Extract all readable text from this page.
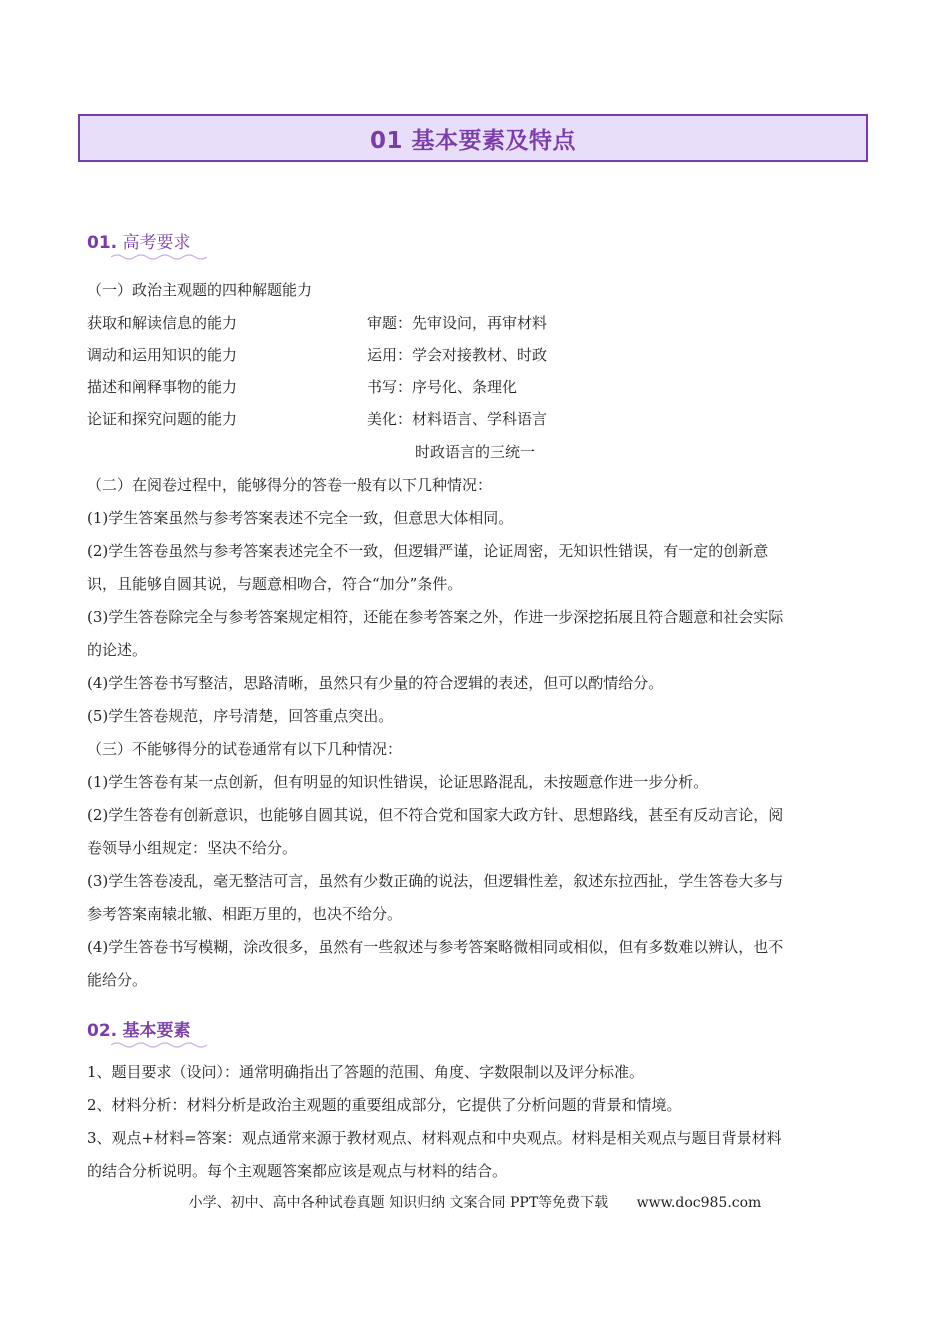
01 基本要素及特点
01. 高考要求
（一）政治主观题的四种解题能力
获取和解读信息的能力	审题：先审设问，再审材料
调动和运用知识的能力	运用：学会对接教材、时政
描述和阐释事物的能力	书写：序号化、条理化
论证和探究问题的能力	美化：材料语言、学科语言
时政语言的三统一
（二）在阅卷过程中，能够得分的答卷一般有以下几种情况：
(1)学生答案虽然与参考答案表述不完全一致，但意思大体相同。
(2)学生答卷虽然与参考答案表述完全不一致，但逻辑严谨，论证周密，无知识性错误，有一定的创新意
识，且能够自圆其说，与题意相吻合，符合“加分”条件。
(3)学生答卷除完全与参考答案规定相符，还能在参考答案之外，作进一步深挖拓展且符合题意和社会实际
的论述。
(4)学生答卷书写整洁，思路清晰，虽然只有少量的符合逻辑的表述，但可以酌情给分。
(5)学生答卷规范，序号清楚，回答重点突出。
（三）不能够得分的试卷通常有以下几种情况：
(1)学生答卷有某一点创新，但有明显的知识性错误，论证思路混乱，未按题意作进一步分析。
(2)学生答卷有创新意识，也能够自圆其说，但不符合党和国家大政方针、思想路线，甚至有反动言论，阅
卷领导小组规定：坚决不给分。
(3)学生答卷凌乱，毫无整洁可言，虽然有少数正确的说法，但逻辑性差，叙述东拉西扯，学生答卷大多与
参考答案南辕北辙、相距万里的，也决不给分。
(4)学生答卷书写模糊，涂改很多，虽然有一些叙述与参考答案略微相同或相似，但有多数难以辨认，也不
能给分。
02. 基本要素
1、题目要求（设问）：通常明确指出了答题的范围、角度、字数限制以及评分标准。
2、材料分析：材料分析是政治主观题的重要组成部分，它提供了分析问题的背景和情境。
3、观点+材料=答案：观点通常来源于教材观点、材料观点和中央观点。材料是相关观点与题目背景材料
的结合分析说明。每个主观题答案都应该是观点与材料的结合。
小学、初中、高中各种试卷真题 知识归纳 文案合同 PPT等免费下载 www.doc985.com
